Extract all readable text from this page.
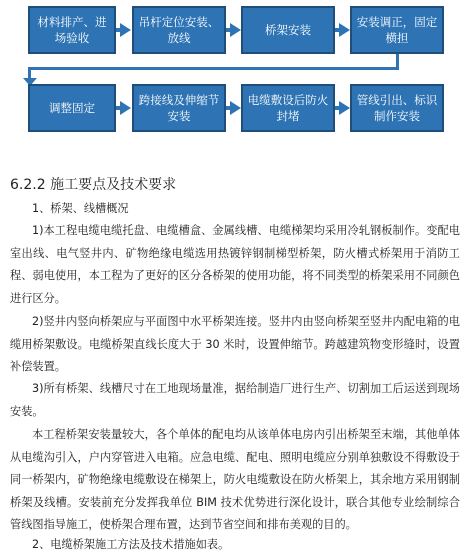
材料排产、进场验收
吊杆定位安装、放线
桥架安装
安装调正，固定横担
调整固定
跨接线及伸缩节安装
电缆敷设后防火封堵
管线引出、标识制作安装
6.2.2 施工要点及技术要求
1、桥架、线槽概况
1)本工程电缆电缆托盘、电缆槽盒、金属线槽、电缆梯架均采用冷轧钢板制作。变配电室出线、电气竖井内、矿物绝缘电缆选用热镀锌钢制梯型桥架，防火槽式桥架用于消防工程、弱电使用，本工程为了更好的区分各桥架的使用功能，将不同类型的桥架采用不同颜色进行区分。
2)竖井内竖向桥架应与平面图中水平桥架连接。竖井内由竖向桥架至竖井内配电箱的电缆用桥架敷设。电缆桥架直线长度大于 30 米时，设置伸缩节。跨越建筑物变形缝时，设置补偿装置。
3)所有桥架、线槽尺寸在工地现场量准，据给制造厂进行生产、切割加工后运送到现场安装。
本工程桥架安装量较大，各个单体的配电均从该单体电房内引出桥架至末端，其他单体从电缆沟引入，户内穿管进入电箱。应急电缆、配电、照明电缆应分别单独敷设不得敷设于同一桥架内，矿物绝缘电缆敷设在梯架上，防火电缆敷设在防火桥架上，其余地方采用钢制桥架及线槽。安装前充分发挥我单位 BIM 技术优势进行深化设计，联合其他专业绘制综合管线图指导施工，使桥架合理布置，达到节省空间和排布美观的目的。
2、电缆桥架施工方法及技术措施如表。
